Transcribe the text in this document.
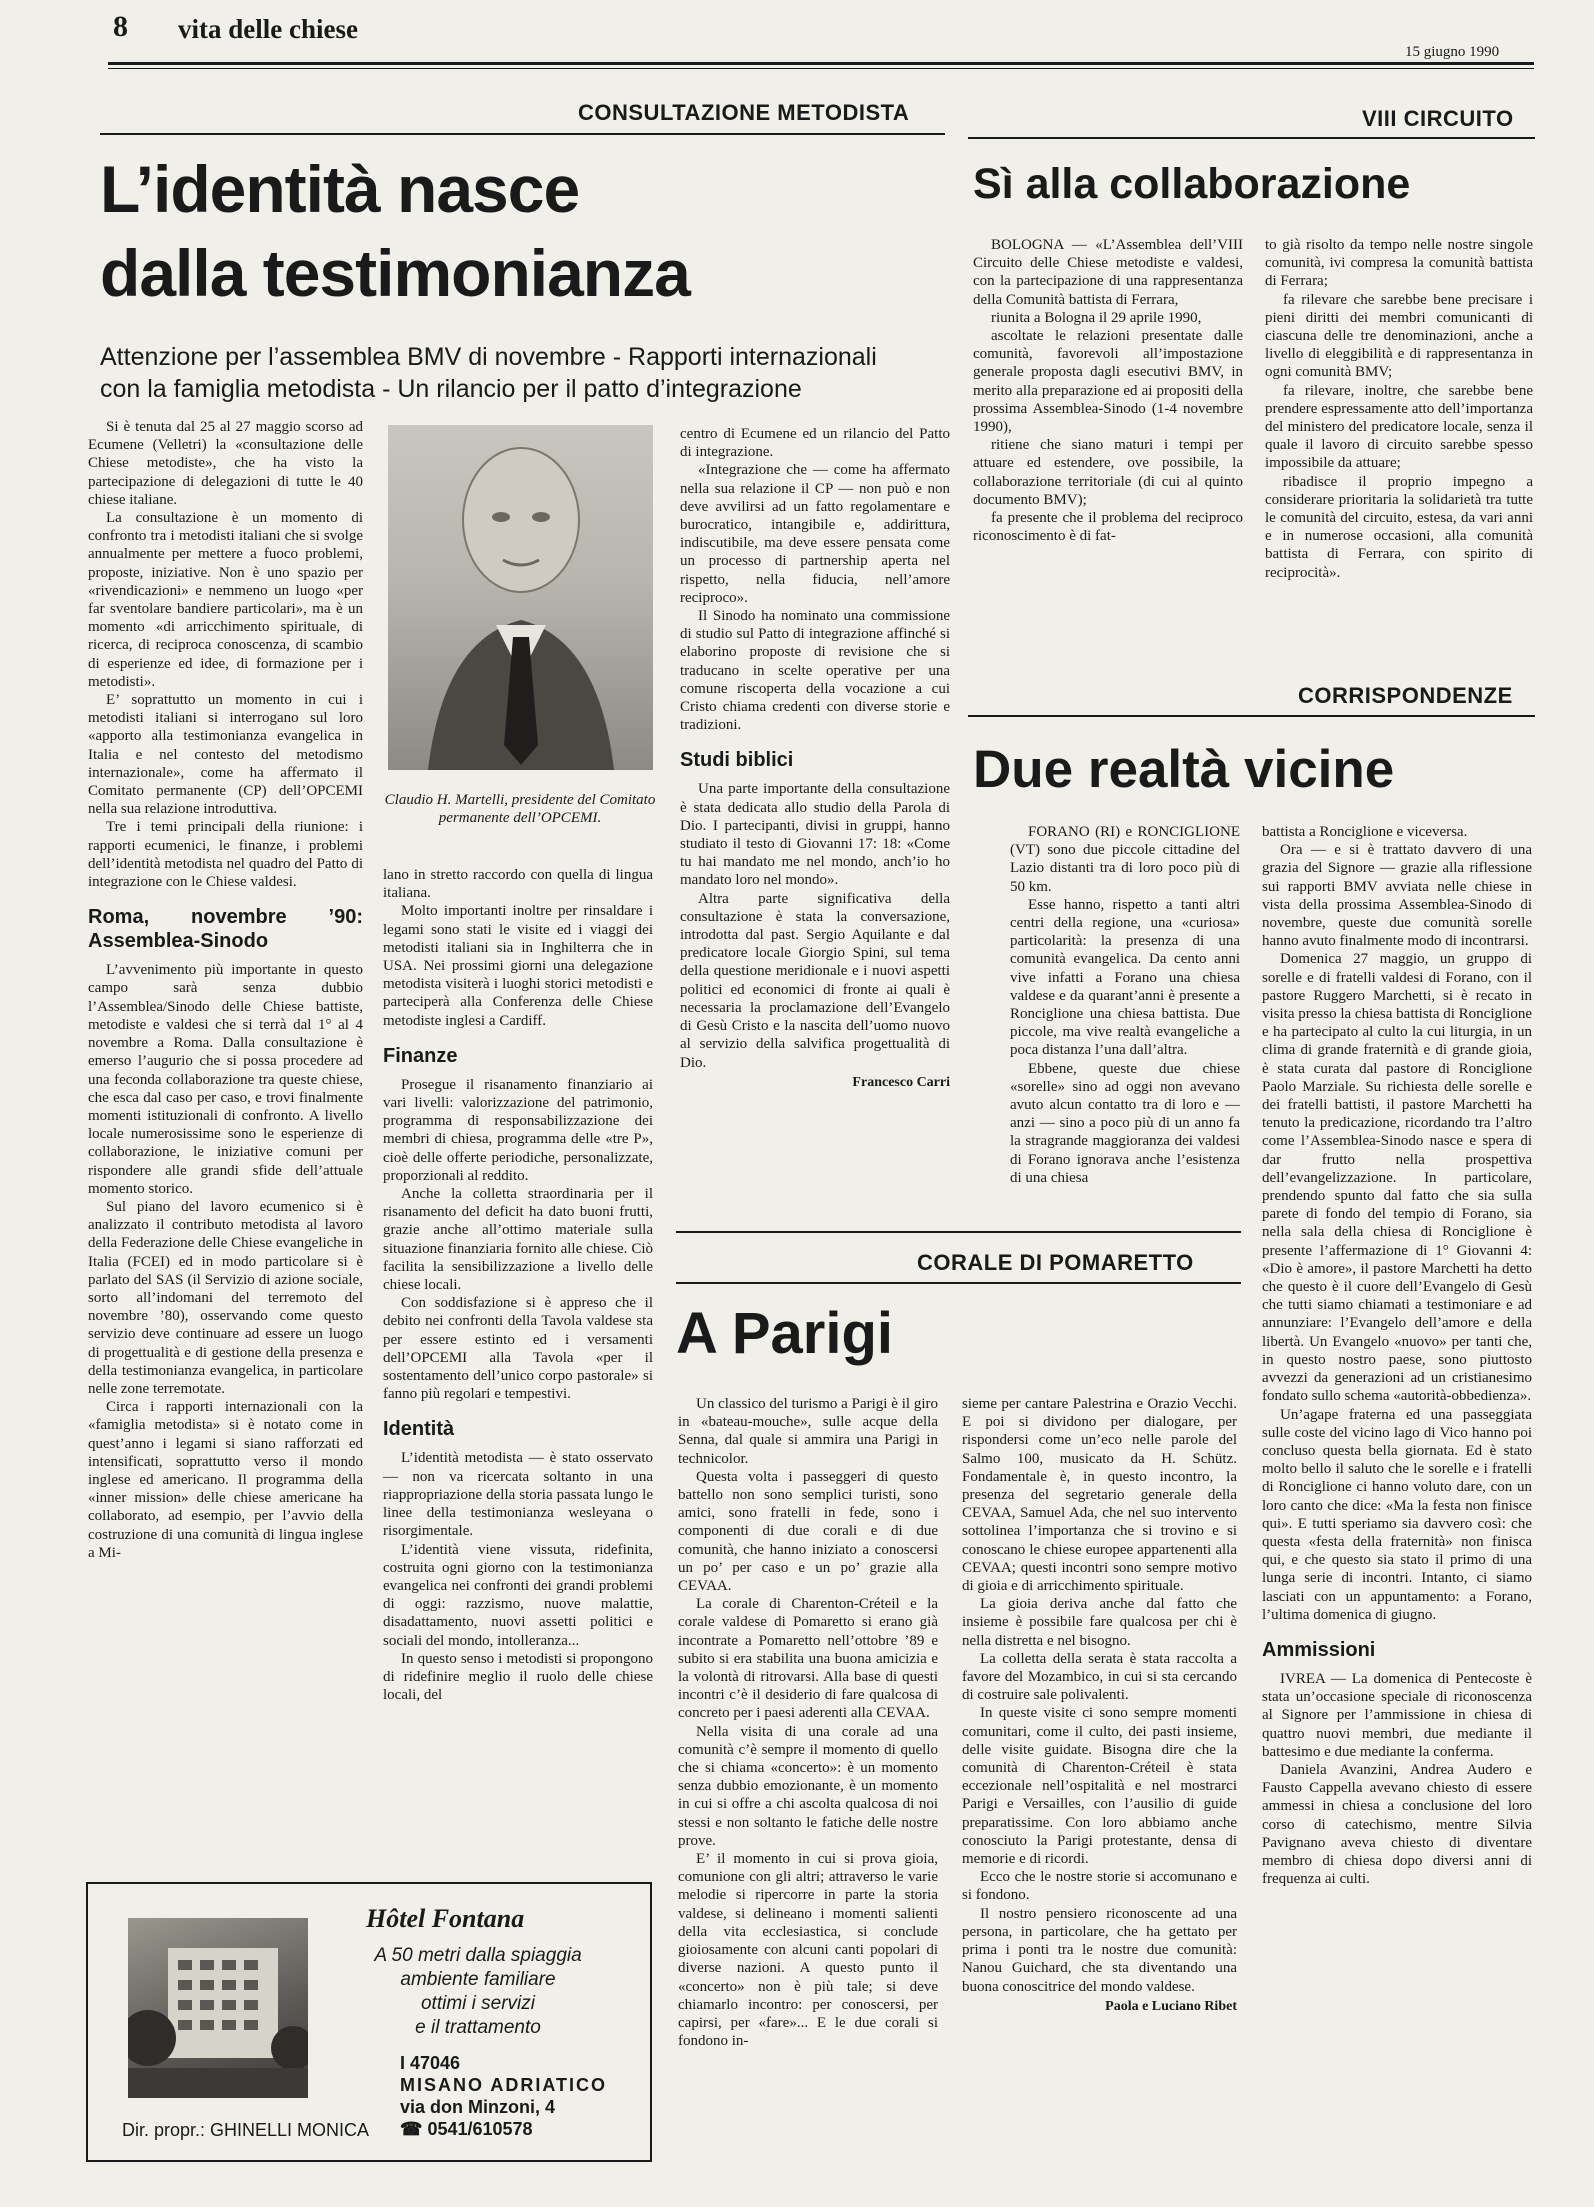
8 vita delle chiese
15 giugno 1990
CONSULTAZIONE METODISTA
L’identità nasce
dalla testimonianza
Attenzione per l’assemblea BMV di novembre - Rapporti internazionali
con la famiglia metodista - Un rilancio per il patto d’integrazione

Si è tenuta dal 25 al 27 maggio scorso ad Ecumene (Velletri) la «consultazione delle Chiese metodiste», che ha visto la partecipazione di delegazioni di tutte le 40 chiese italiane.

La consultazione è un momento di confronto tra i metodisti italiani che si svolge annualmente per mettere a fuoco problemi, proposte, iniziative. Non è uno spazio per «rivendicazioni» e nemmeno un luogo «per far sventolare bandiere particolari», ma è un momento «di arricchimento spirituale, di ricerca, di reciproca conoscenza, di scambio di esperienze ed idee, di formazione per i metodisti».

E’ soprattutto un momento in cui i metodisti italiani si interrogano sul loro «apporto alla testimonianza evangelica in Italia e nel contesto del metodismo internazionale», come ha affermato il Comitato permanente (CP) dell’OPCEMI nella sua relazione introduttiva.

Tre i temi principali della riunione: i rapporti ecumenici, le finanze, i problemi dell’identità metodista nel quadro del Patto di integrazione con le Chiese valdesi.

Roma, novembre ’90: Assemblea-Sinodo

L’avvenimento più importante in questo campo sarà senza dubbio l’Assemblea/Sinodo delle Chiese battiste, metodiste e valdesi che si terrà dal 1° al 4 novembre a Roma. Dalla consultazione è emerso l’augurio che si possa procedere ad una feconda collaborazione tra queste chiese, che esca dal caso per caso, e trovi finalmente momenti istituzionali di confronto. A livello locale numerosissime sono le esperienze di collaborazione, le iniziative comuni per rispondere alle grandi sfide dell’attuale momento storico.

Sul piano del lavoro ecumenico si è analizzato il contributo metodista al lavoro della Federazione delle Chiese evangeliche in Italia (FCEI) ed in modo particolare si è parlato del SAS (il Servizio di azione sociale, sorto all’indomani del terremoto del novembre ’80), osservando come questo servizio deve continuare ad essere un luogo di progettualità e di gestione della presenza e della testimonianza evangelica, in particolare nelle zone terremotate.

Circa i rapporti internazionali con la «famiglia metodista» si è notato come in quest’anno i legami si siano rafforzati ed intensificati, soprattutto verso il mondo inglese ed americano. Il programma della «inner mission» delle chiese americane ha collaborato, ad esempio, per l’avvio della costruzione di una comunità di lingua inglese a Mi-

Claudio H. Martelli, presidente del Comitato permanente dell’OPCEMI.

lano in stretto raccordo con quella di lingua italiana.

Molto importanti inoltre per rinsaldare i legami sono stati le visite ed i viaggi dei metodisti italiani sia in Inghilterra che in USA. Nei prossimi giorni una delegazione metodista visiterà i luoghi storici metodisti e parteciperà alla Conferenza delle Chiese metodiste inglesi a Cardiff.

Finanze

Prosegue il risanamento finanziario ai vari livelli: valorizzazione del patrimonio, programma di responsabilizzazione dei membri di chiesa, programma delle «tre P», cioè delle offerte periodiche, personalizzate, proporzionali al reddito.

Anche la colletta straordinaria per il risanamento del deficit ha dato buoni frutti, grazie anche all’ottimo materiale sulla situazione finanziaria fornito alle chiese. Ciò facilita la sensibilizzazione a livello delle chiese locali.

Con soddisfazione si è appreso che il debito nei confronti della Tavola valdese sta per essere estinto ed i versamenti dell’OPCEMI alla Tavola «per il sostentamento dell’unico corpo pastorale» si fanno più regolari e tempestivi.

Identità

L’identità metodista — è stato osservato — non va ricercata soltanto in una riappropriazione della storia passata lungo le linee della testimonianza wesleyana o risorgimentale.

L’identità viene vissuta, ridefinita, costruita ogni giorno con la testimonianza evangelica nei confronti dei grandi problemi di oggi: razzismo, nuove malattie, disadattamento, nuovi assetti politici e sociali del mondo, intolleranza...

In questo senso i metodisti si propongono di ridefinire meglio il ruolo delle chiese locali, del

centro di Ecumene ed un rilancio del Patto di integrazione.

«Integrazione che — come ha affermato nella sua relazione il CP — non può e non deve avvilirsi ad un fatto regolamentare e burocratico, intangibile e, addirittura, indiscutibile, ma deve essere pensata come un processo di partnership aperta nel rispetto, nella fiducia, nell’amore reciproco».

Il Sinodo ha nominato una commissione di studio sul Patto di integrazione affinché si elaborino proposte di revisione che si traducano in scelte operative per una comune riscoperta della vocazione a cui Cristo chiama credenti con diverse storie e tradizioni.

Studi biblici

Una parte importante della consultazione è stata dedicata allo studio della Parola di Dio. I partecipanti, divisi in gruppi, hanno studiato il testo di Giovanni 17: 18: «Come tu hai mandato me nel mondo, anch’io ho mandato loro nel mondo».

Altra parte significativa della consultazione è stata la conversazione, introdotta dal past. Sergio Aquilante e dal predicatore locale Giorgio Spini, sul tema della questione meridionale e i nuovi aspetti politici ed economici di fronte ai quali è necessaria la proclamazione dell’Evangelo di Gesù Cristo e la nascita dell’uomo nuovo al servizio della salvifica progettualità di Dio.

Francesco Carri
VIII CIRCUITO
Sì alla collaborazione

BOLOGNA — «L’Assemblea dell’VIII Circuito delle Chiese metodiste e valdesi, con la partecipazione di una rappresentanza della Comunità battista di Ferrara,

riunita a Bologna il 29 aprile 1990,

ascoltate le relazioni presentate dalle comunità, favorevoli all’impostazione generale proposta dagli esecutivi BMV, in merito alla preparazione ed ai propositi della prossima Assemblea-Sinodo (1-4 novembre 1990),

ritiene che siano maturi i tempi per attuare ed estendere, ove possibile, la collaborazione territoriale (di cui al quinto documento BMV);

fa presente che il problema del reciproco riconoscimento è di fat-

to già risolto da tempo nelle nostre singole comunità, ivi compresa la comunità battista di Ferrara;

fa rilevare che sarebbe bene precisare i pieni diritti dei membri comunicanti di ciascuna delle tre denominazioni, anche a livello di eleggibilità e di rappresentanza in ogni comunità BMV;

fa rilevare, inoltre, che sarebbe bene prendere espressamente atto dell’importanza del ministero del predicatore locale, senza il quale il lavoro di circuito sarebbe spesso impossibile da attuare;

ribadisce il proprio impegno a considerare prioritaria la solidarietà tra tutte le comunità del circuito, estesa, da vari anni e in numerose occasioni, alla comunità battista di Ferrara, con spirito di reciprocità».

CORRISPONDENZE
Due realtà vicine

FORANO (RI) e RONCIGLIONE (VT) sono due piccole cittadine del Lazio distanti tra di loro poco più di 50 km.

Esse hanno, rispetto a tanti altri centri della regione, una «curiosa» particolarità: la presenza di una comunità evangelica. Da cento anni vive infatti a Forano una chiesa valdese e da quarant’anni è presente a Ronciglione una chiesa battista. Due piccole, ma vive realtà evangeliche a poca distanza l’una dall’altra.

Ebbene, queste due chiese «sorelle» sino ad oggi non avevano avuto alcun contatto tra di loro e — anzi — sino a poco più di un anno fa la stragrande maggioranza dei valdesi di Forano ignorava anche l’esistenza di una chiesa

battista a Ronciglione e viceversa.

Ora — e si è trattato davvero di una grazia del Signore — grazie alla riflessione sui rapporti BMV avviata nelle chiese in vista della prossima Assemblea-Sinodo di novembre, queste due comunità sorelle hanno avuto finalmente modo di incontrarsi.

Domenica 27 maggio, un gruppo di sorelle e di fratelli valdesi di Forano, con il pastore Ruggero Marchetti, si è recato in visita presso la chiesa battista di Ronciglione e ha partecipato al culto la cui liturgia, in un clima di grande fraternità e di grande gioia, è stata curata dal pastore di Ronciglione Paolo Marziale. Su richiesta delle sorelle e dei fratelli battisti, il pastore Marchetti ha tenuto la predicazione, ricordando tra l’altro come l’Assemblea-Sinodo nasce e spera di dar frutto nella prospettiva dell’evangelizzazione. In particolare, prendendo spunto dal fatto che sia sulla parete di fondo del tempio di Forano, sia nella sala della chiesa di Ronciglione è presente l’affermazione di 1° Giovanni 4: «Dio è amore», il pastore Marchetti ha detto che questo è il cuore dell’Evangelo di Gesù che tutti siamo chiamati a testimoniare e ad annunziare: l’Evangelo dell’amore e della libertà. Un Evangelo «nuovo» per tanti che, in questo nostro paese, sono piuttosto avvezzi da generazioni ad un cristianesimo fondato sullo schema «autorità-obbedienza».

Un’agape fraterna ed una passeggiata sulle coste del vicino lago di Vico hanno poi concluso questa bella giornata. Ed è stato molto bello il saluto che le sorelle e i fratelli di Ronciglione ci hanno voluto dare, con un loro canto che dice: «Ma la festa non finisce qui». E tutti speriamo sia davvero così: che questa «festa della fraternità» non finisca qui, e che questo sia stato il primo di una lunga serie di incontri. Intanto, ci siamo lasciati con un appuntamento: a Forano, l’ultima domenica di giugno.

Ammissioni

IVREA — La domenica di Pentecoste è stata un’occasione speciale di riconoscenza al Signore per l’ammissione in chiesa di quattro nuovi membri, due mediante il battesimo e due mediante la conferma.

Daniela Avanzini, Andrea Audero e Fausto Cappella avevano chiesto di essere ammessi in chiesa a conclusione del loro corso di catechismo, mentre Silvia Pavignano aveva chiesto di diventare membro di chiesa dopo diversi anni di frequenza ai culti.

CORALE DI POMARETTO
A Parigi

Un classico del turismo a Parigi è il giro in «bateau-mouche», sulle acque della Senna, dal quale si ammira una Parigi in technicolor.

Questa volta i passeggeri di questo battello non sono semplici turisti, sono amici, sono fratelli in fede, sono i componenti di due corali e di due comunità, che hanno iniziato a conoscersi un po’ per caso e un po’ grazie alla CEVAA.

La corale di Charenton-Créteil e la corale valdese di Pomaretto si erano già incontrate a Pomaretto nell’ottobre ’89 e subito si era stabilita una buona amicizia e la volontà di ritrovarsi. Alla base di questi incontri c’è il desiderio di fare qualcosa di concreto per i paesi aderenti alla CEVAA.

Nella visita di una corale ad una comunità c’è sempre il momento di quello che si chiama «concerto»: è un momento senza dubbio emozionante, è un momento in cui si offre a chi ascolta qualcosa di noi stessi e non soltanto le fatiche delle nostre prove.

E’ il momento in cui si prova gioia, comunione con gli altri; attraverso le varie melodie si ripercorre in parte la storia valdese, si delineano i momenti salienti della vita ecclesiastica, si conclude gioiosamente con alcuni canti popolari di diverse nazioni. A questo punto il «concerto» non è più tale; si deve chiamarlo incontro: per conoscersi, per capirsi, per «fare»... E le due corali si fondono in-

sieme per cantare Palestrina e Orazio Vecchi. E poi si dividono per dialogare, per rispondersi come un’eco nelle parole del Salmo 100, musicato da H. Schütz. Fondamentale è, in questo incontro, la presenza del segretario generale della CEVAA, Samuel Ada, che nel suo intervento sottolinea l’importanza che si trovino e si conoscano le chiese europee appartenenti alla CEVAA; questi incontri sono sempre motivo di gioia e di arricchimento spirituale.

La gioia deriva anche dal fatto che insieme è possibile fare qualcosa per chi è nella distretta e nel bisogno.

La colletta della serata è stata raccolta a favore del Mozambico, in cui si sta cercando di costruire sale polivalenti.

In queste visite ci sono sempre momenti comunitari, come il culto, dei pasti insieme, delle visite guidate. Bisogna dire che la comunità di Charenton-Créteil è stata eccezionale nell’ospitalità e nel mostrarci Parigi e Versailles, con l’ausilio di guide preparatissime. Con loro abbiamo anche conosciuto la Parigi protestante, densa di memorie e di ricordi.

Ecco che le nostre storie si accomunano e si fondono.

Il nostro pensiero riconoscente ad una persona, in particolare, che ha gettato per prima i ponti tra le nostre due comunità: Nanou Guichard, che sta diventando una buona conoscitrice del mondo valdese.

Paola e Luciano Ribet
Hôtel Fontana
A 50 metri dalla spiaggia
ambiente familiare
ottimi i servizi
e il trattamento
I 47046
MISANO ADRIATICO
via don Minzoni, 4
☎ 0541/610578
Dir. propr.: GHINELLI MONICA
